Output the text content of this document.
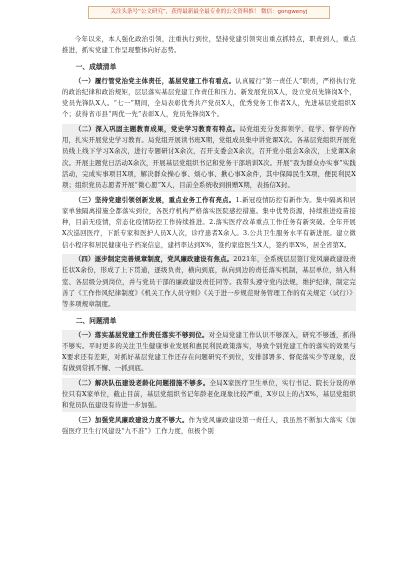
关注头条号“公文研究”，获得最新最全最专业的公文资料推！ 微信：gongwenyj

今年以来，本人强化政治引领，注重执行到位，坚持党建引领突出重点抓特点，职责到人，重点推进，抓实党建工作呈现整体向好态势。

一、成绩清单

（一）履行管党治党主体责任，基层党建工作有看点。认真履行“第一责任人”职责，严格执行党的政治纪律和政治规矩，层层落实基层党建工作责任和压力。新发展党员X人，设立党员先锋岗X个，党员先锋队X人。“七一”期间，全局表彰优秀共产党员X人，优秀党务工作者X人，先进基层党组织X个；获得省市县“两优一先”表彰X人，党员先锋岗X个。

（二）深入巩固主题教育成果，党史学习教育有特点。局党组充分发挥领学、促学、督学的作用，扎实开展党史学习教育。局党组开展读书班X期，党组成员集中讲党课X次。各基层党组织开展党员线上线下学习X余次，进行专题研讨X余次，召开支委会X余次，召开党小组会X余次，上党课X余次。开展主题党日活动X余次，开展基层党组织书记和党务干部培训X次。开展“我为群众办实事”实践活动，完成实事项目X项，解决群众操心事、烦心事、揪心事X余件，其中保障民生X项，便民利民X项；组织党员志愿者开展“微心愿”X人，目前全系统收到捐赠X期，表扬信X封。

（三）坚持党建引领创新发展，重点业务工作有亮点。1.新冠疫情防控有新作为。集中隔离和居家单独隔离措施全都落实到位，各医疗机构严格落实医院感控措施。集中优势资源，持续推进疫苗接种，目前无疫情，常态化疫情防控工作持续推进。2.落实医疗改革重点工作任务有新突破。全年开展X次巡回医疗，下派专家和医护人员X人次，诊疗患者X余人。3.公共卫生服务水平有新进展。建立微信小程序和居民健康电子档案信息，建档率达到X%，签约家庭医生X人，签约率X%，居全省第X。

（四）逐步制定完善规章制度，党风廉政建设有焦点。2021年，全系统层层签订党风廉政建设责任状X余份，形成了上下贯通，逐级负责，横向到底，纵向到边的责任落实机制，基层单位，纳入科室、各层级分到岗位，并与党员干部的廉政建设责任同等。我带头遵守党内法规，维护纪律，制定完善了《工作作风纪律制度》《机关工作人员守则》《关于进一步规范财务管理工作的有关规定（试行）》等多项规章制度。

二、问题清单

（一）落实基层党建工作责任落实不够到位。对全局党建工作认识不够深入，研究不够透，抓得不够实。平时更多的关注卫生健康事业发展和惠民利民政策落实，导致个别党建工作的落实的效果与X要求还有差距，对抓好基层党建工作还存在问题研究不到位，安排部署多、督促落实少等现象，没有做到常抓不懈、一抓到底。

（二）解决队伍建设老龄化问题措施不够多。全局X家医疗卫生单位，实行书记、院长分设的单位只有X家单位，截止目前，基层党组织书记年龄老化现象比较严重，X岁以上的占X%，基层党组织和党员队伍建设有待进一步加强。

（三）加强党风廉政建设力度不够大。作为党风廉政建设第一责任人，我虽然不断加大落实《加强医疗卫生行风建设“九不准”》工作力度，但极个别
